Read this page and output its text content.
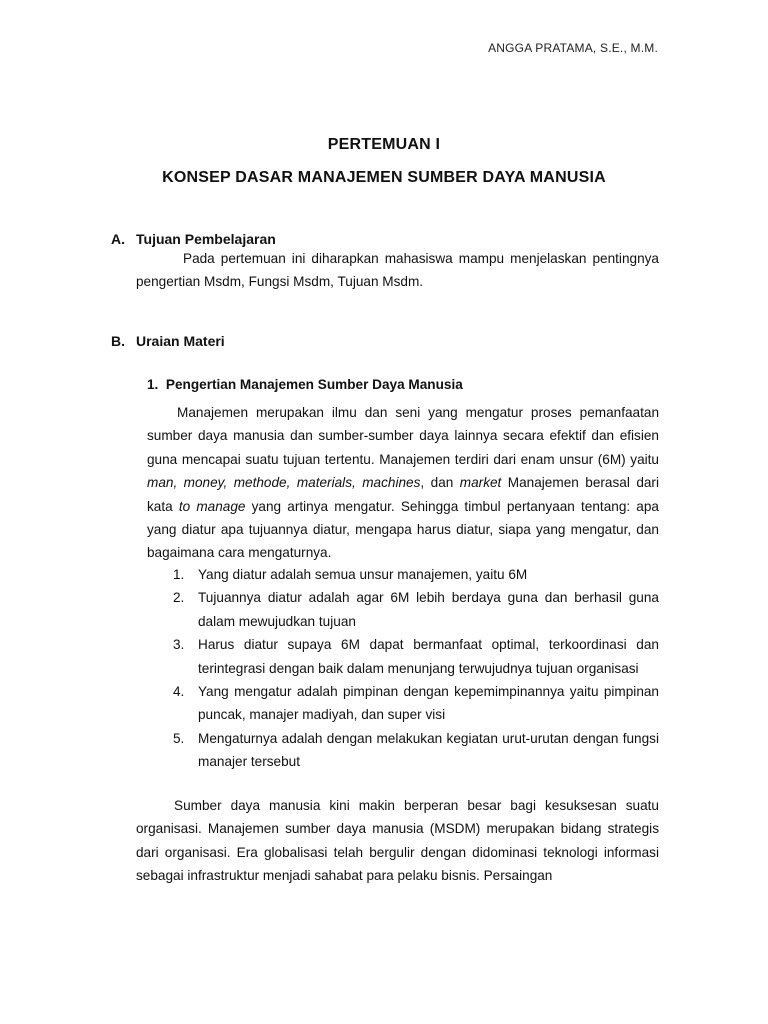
ANGGA PRATAMA, S.E., M.M.
PERTEMUAN I
KONSEP DASAR MANAJEMEN SUMBER DAYA MANUSIA
A. Tujuan Pembelajaran

Pada pertemuan ini diharapkan mahasiswa mampu menjelaskan pentingnya pengertian Msdm, Fungsi Msdm, Tujuan Msdm.

B. Uraian Materi
1. Pengertian Manajemen Sumber Daya Manusia

Manajemen merupakan ilmu dan seni yang mengatur proses pemanfaatan sumber daya manusia dan sumber-sumber daya lainnya secara efektif dan efisien guna mencapai suatu tujuan tertentu. Manajemen terdiri dari enam unsur (6M) yaitu man, money, methode, materials, machines, dan market Manajemen berasal dari kata to manage yang artinya mengatur. Sehingga timbul pertanyaan tentang: apa yang diatur apa tujuannya diatur, mengapa harus diatur, siapa yang mengatur, dan bagaimana cara mengaturnya.

1. Yang diatur adalah semua unsur manajemen, yaitu 6M
2. Tujuannya diatur adalah agar 6M lebih berdaya guna dan berhasil guna dalam mewujudkan tujuan
3. Harus diatur supaya 6M dapat bermanfaat optimal, terkoordinasi dan terintegrasi dengan baik dalam menunjang terwujudnya tujuan organisasi
4. Yang mengatur adalah pimpinan dengan kepemimpinannya yaitu pimpinan puncak, manajer madiyah, dan super visi
5. Mengaturnya adalah dengan melakukan kegiatan urut-urutan dengan fungsi manajer tersebut

Sumber daya manusia kini makin berperan besar bagi kesuksesan suatu organisasi. Manajemen sumber daya manusia (MSDM) merupakan bidang strategis dari organisasi. Era globalisasi telah bergulir dengan didominasi teknologi informasi sebagai infrastruktur menjadi sahabat para pelaku bisnis. Persaingan
